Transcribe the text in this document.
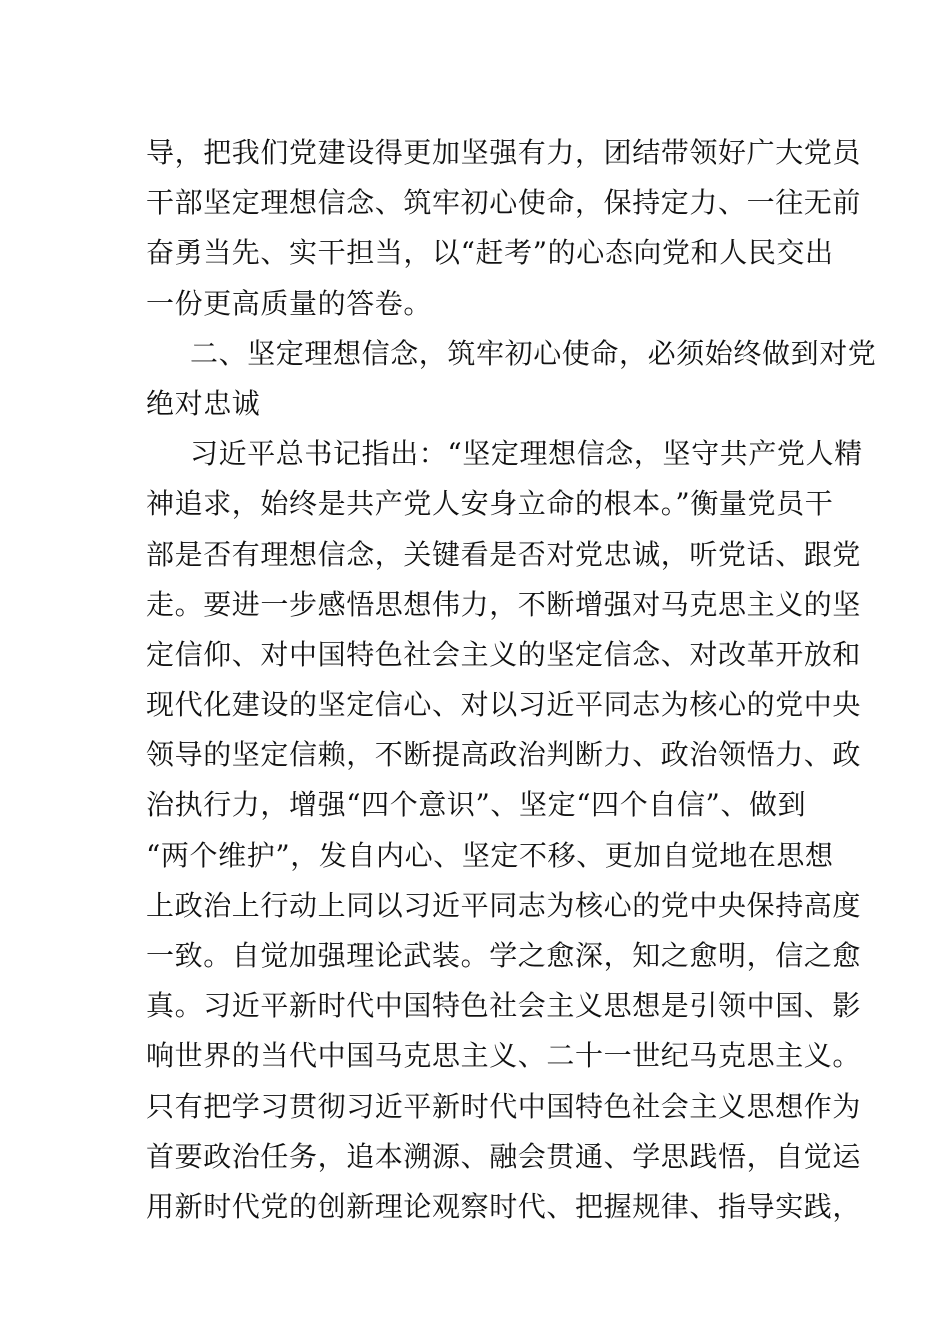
导，把我们党建设得更加坚强有力，团结带领好广大党员
干部坚定理想信念、筑牢初心使命，保持定力、一往无前
奋勇当先、实干担当，以“赶考”的心态向党和人民交出
一份更高质量的答卷。
二、坚定理想信念，筑牢初心使命，必须始终做到对党
绝对忠诚
习近平总书记指出：“坚定理想信念，坚守共产党人精
神追求，始终是共产党人安身立命的根本。”衡量党员干
部是否有理想信念，关键看是否对党忠诚，听党话、跟党
走。要进一步感悟思想伟力，不断增强对马克思主义的坚
定信仰、对中国特色社会主义的坚定信念、对改革开放和
现代化建设的坚定信心、对以习近平同志为核心的党中央
领导的坚定信赖，不断提高政治判断力、政治领悟力、政
治执行力，增强“四个意识”、坚定“四个自信”、做到
“两个维护”，发自内心、坚定不移、更加自觉地在思想
上政治上行动上同以习近平同志为核心的党中央保持高度
一致。自觉加强理论武装。学之愈深，知之愈明，信之愈
真。习近平新时代中国特色社会主义思想是引领中国、影
响世界的当代中国马克思主义、二十一世纪马克思主义。
只有把学习贯彻习近平新时代中国特色社会主义思想作为
首要政治任务，追本溯源、融会贯通、学思践悟，自觉运
用新时代党的创新理论观察时代、把握规律、指导实践，
